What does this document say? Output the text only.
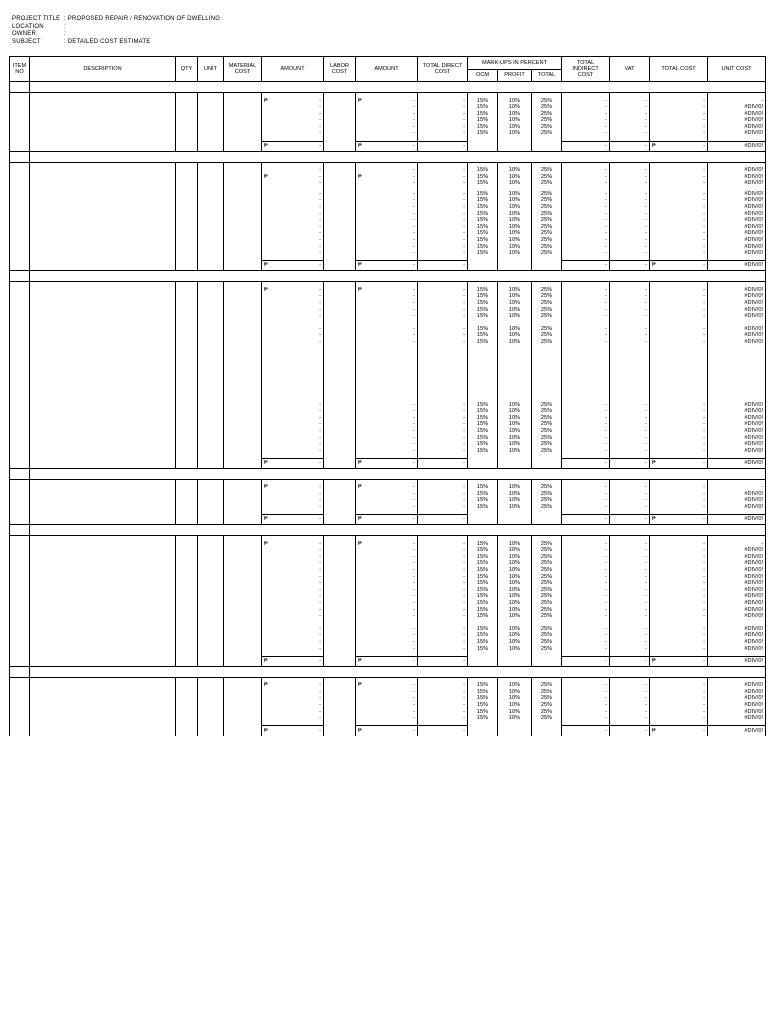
PROJECT TITLE : PROPOSED REPAIR / RENOVATION OF DWELLING
LOCATION	:
OWNER	:
SUBJECT	: DETAILED COST ESTIMATE
ITEM NO	DESCRIPTION	QTY	UNIT	MATERIAL COST	AMOUNT	LABOR COST	AMOUNT	TOTAL DIRECT COST	MARK-UPS IN PERCENT			TOTAL INDIRECT COST	VAT	TOTAL COST	UNIT COST
									OCM	PROFIT	TOTAL				

					₱ -		₱ -	-	15%	10%	25%	-	-	-	-
					-		-	-	15%	10%	25%	-	-	-	#DIV/0!
					-		-	-	15%	10%	25%	-	-	-	#DIV/0!
					-		-	-	15%	10%	25%	-	-	-	#DIV/0!
					-		-	-	15%	10%	25%	-	-	-	#DIV/0!
					-		-	-	15%	10%	25%	-	-	-	#DIV/0!

					₱ -		₱ -	-				-	-	₱ -	#DIV/0!

					-		-	-	15%	10%	25%	-	-	-	#DIV/0!
					₱ -		₱ -	-	15%	10%	25%	-	-	-	#DIV/0!
					-		-	-	15%	10%	25%	-	-	-	#DIV/0!

					-		-	-	15%	10%	25%	-	-	-	#DIV/0!
					-		-	-	15%	10%	25%	-	-	-	#DIV/0!
					-		-	-	15%	10%	25%	-	-	-	#DIV/0!
					-		-	-	15%	10%	25%	-	-	-	#DIV/0!
					-		-	-	15%	10%	25%	-	-	-	#DIV/0!
					-		-	-	15%	10%	25%	-	-	-	#DIV/0!
					-		-	-	15%	10%	25%	-	-	-	#DIV/0!
					-		-	-	15%	10%	25%	-	-	-	#DIV/0!
					-		-	-	15%	10%	25%	-	-	-	#DIV/0!
					-		-	-	15%	10%	25%	-	-	-	#DIV/0!

					₱ -		₱ -	-				-	-	₱ -	#DIV/0!

					₱ -		₱ -	-	15%	10%	25%	-	-	-	#DIV/0!
					-		-	-	15%	10%	25%	-	-	-	#DIV/0!
					-		-	-	15%	10%	25%	-	-	-	#DIV/0!
					-		-	-	15%	10%	25%	-	-	-	#DIV/0!
					-		-	-	15%	10%	25%	-	-	-	#DIV/0!

					-		-	-	15%	10%	25%	-	-	-	#DIV/0!
					-		-	-	15%	10%	25%	-	-	-	#DIV/0!
					-		-	-	15%	10%	25%	-	-	-	#DIV/0!

					-		-	-	15%	10%	25%	-	-	-	#DIV/0!
					-		-	-	15%	10%	25%	-	-	-	#DIV/0!
					-		-	-	15%	10%	25%	-	-	-	#DIV/0!
					-		-	-	15%	10%	25%	-	-	-	#DIV/0!
					-		-	-	15%	10%	25%	-	-	-	#DIV/0!
					-		-	-	15%	10%	25%	-	-	-	#DIV/0!
					-		-	-	15%	10%	25%	-	-	-	#DIV/0!
					-		-	-	15%	10%	25%	-	-	-	#DIV/0!

					₱ -		₱ -	-				-	-	₱ -	#DIV/0!

					₱ -		₱ -	-	15%	10%	25%	-	-	-	-
					-		-	-	15%	10%	25%	-	-	-	#DIV/0!

					-		-	-	15%	10%	25%	-	-	-	#DIV/0!
					-		-	-	15%	10%	25%	-	-	-	#DIV/0!

					₱ -		₱ -	-				-	-	₱ -	#DIV/0!

					₱ -		₱ -	-	15%	10%	25%	-	-	-	-
					-		-	-	15%	10%	25%	-	-	-	#DIV/0!
					-		-	-	15%	10%	25%	-	-	-	#DIV/0!
					-		-	-	15%	10%	25%	-	-	-	#DIV/0!
					-		-	-	15%	10%	25%	-	-	-	#DIV/0!
					-		-	-	15%	10%	25%	-	-	-	#DIV/0!
					-		-	-	15%	10%	25%	-	-	-	#DIV/0!
					-		-	-	15%	10%	25%	-	-	-	#DIV/0!
					-		-	-	15%	10%	25%	-	-	-	#DIV/0!
					-		-	-	15%	10%	25%	-	-	-	#DIV/0!
					-		-	-	15%	10%	25%	-	-	-	#DIV/0!
					-		-	-	15%	10%	25%	-	-	-	#DIV/0!

					-		-	-	15%	10%	25%	-	-	-	#DIV/0!
					-		-	-	15%	10%	25%	-	-	-	#DIV/0!
					-		-	-	15%	10%	25%	-	-	-	#DIV/0!
					-		-	-	15%	10%	25%	-	-	-	#DIV/0!

					₱ -		₱ -	-				-	-	₱ -	#DIV/0!

					₱ -		₱ -	-	15%	10%	25%	-	-	-	#DIV/0!
					-		-	-	15%	10%	25%	-	-	-	#DIV/0!
					-		-	-	15%	10%	25%	-	-	-	#DIV/0!
					-		-	-	15%	10%	25%	-	-	-	#DIV/0!
					-		-	-	15%	10%	25%	-	-	-	#DIV/0!
					-		-	-	15%	10%	25%	-	-	-	#DIV/0!

					₱ -		₱ -	-				-	-	₱ -	#DIV/0!
